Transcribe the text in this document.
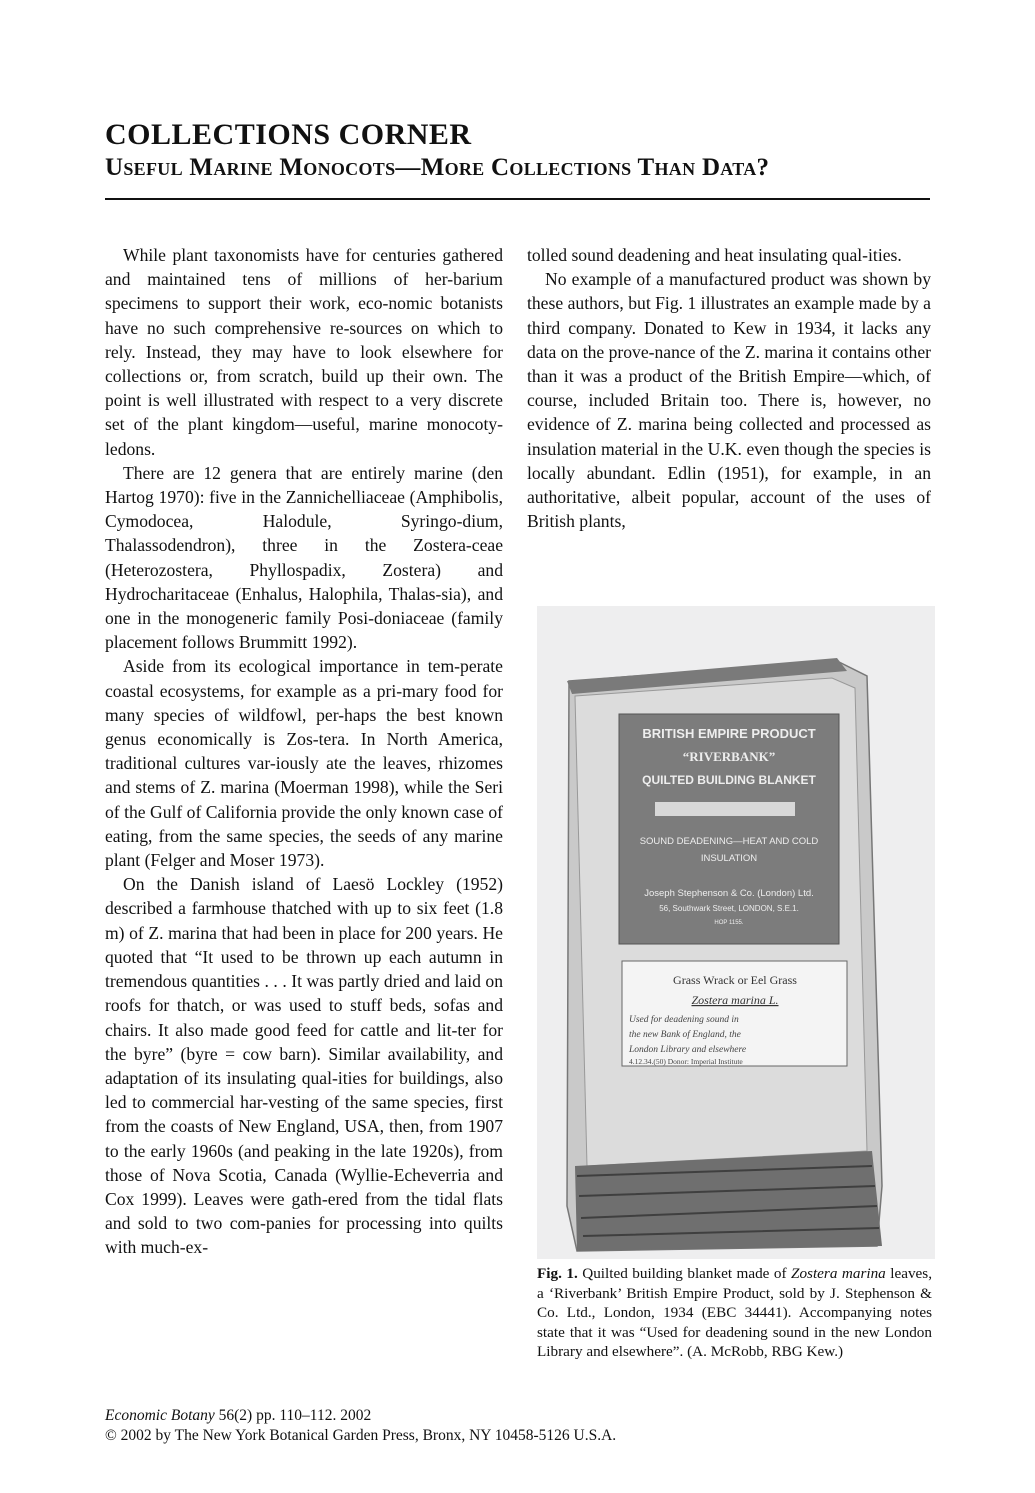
COLLECTIONS CORNER
Useful Marine Monocots—More Collections Than Data?

While plant taxonomists have for centuries gathered and maintained tens of millions of her-barium specimens to support their work, eco-nomic botanists have no such comprehensive re-sources on which to rely. Instead, they may have to look elsewhere for collections or, from scratch, build up their own. The point is well illustrated with respect to a very discrete set of the plant kingdom—useful, marine monocoty-ledons.

There are 12 genera that are entirely marine (den Hartog 1970): five in the Zannichelliaceae (Amphibolis, Cymodocea, Halodule, Syringo-dium, Thalassodendron), three in the Zostera-ceae (Heterozostera, Phyllospadix, Zostera) and Hydrocharitaceae (Enhalus, Halophila, Thalas-sia), and one in the monogeneric family Posi-doniaceae (family placement follows Brummitt 1992).

Aside from its ecological importance in tem-perate coastal ecosystems, for example as a pri-mary food for many species of wildfowl, per-haps the best known genus economically is Zos-tera. In North America, traditional cultures var-iously ate the leaves, rhizomes and stems of Z. marina (Moerman 1998), while the Seri of the Gulf of California provide the only known case of eating, from the same species, the seeds of any marine plant (Felger and Moser 1973).

On the Danish island of Laesö Lockley (1952) described a farmhouse thatched with up to six feet (1.8 m) of Z. marina that had been in place for 200 years. He quoted that “It used to be thrown up each autumn in tremendous quantities . . . It was partly dried and laid on roofs for thatch, or was used to stuff beds, sofas and chairs. It also made good feed for cattle and lit-ter for the byre” (byre = cow barn). Similar availability, and adaptation of its insulating qual-ities for buildings, also led to commercial har-vesting of the same species, first from the coasts of New England, USA, then, from 1907 to the early 1960s (and peaking in the late 1920s), from those of Nova Scotia, Canada (Wyllie-Echeverria and Cox 1999). Leaves were gath-ered from the tidal flats and sold to two com-panies for processing into quilts with much-ex-

tolled sound deadening and heat insulating qual-ities.

No example of a manufactured product was shown by these authors, but Fig. 1 illustrates an example made by a third company. Donated to Kew in 1934, it lacks any data on the prove-nance of the Z. marina it contains other than it was a product of the British Empire—which, of course, included Britain too. There is, however, no evidence of Z. marina being collected and processed as insulation material in the U.K. even though the species is locally abundant. Edlin (1951), for example, in an authoritative, albeit popular, account of the uses of British plants,

BRITISH EMPIRE PRODUCT
“RIVERBANK”
QUILTED BUILDING BLANKET
SOUND DEADENING—HEAT AND COLD
INSULATION
Joseph Stephenson & Co. (London) Ltd.
56, Southwark Street, LONDON, S.E.1.
HOP 1155.
Grass Wrack or Eel Grass
Zostera marina L.
Used for deadening sound in
the new Bank of England, the
London Library and elsewhere
4.12.34.(50) Donor: Imperial Institute
Fig. 1. Quilted building blanket made of Zostera marina leaves, a ‘Riverbank’ British Empire Product, sold by J. Stephenson & Co. Ltd., London, 1934 (EBC 34441). Accompanying notes state that it was “Used for deadening sound in the new London Library and elsewhere”. (A. McRobb, RBG Kew.)
Economic Botany 56(2) pp. 110–112. 2002
© 2002 by The New York Botanical Garden Press, Bronx, NY 10458-5126 U.S.A.
